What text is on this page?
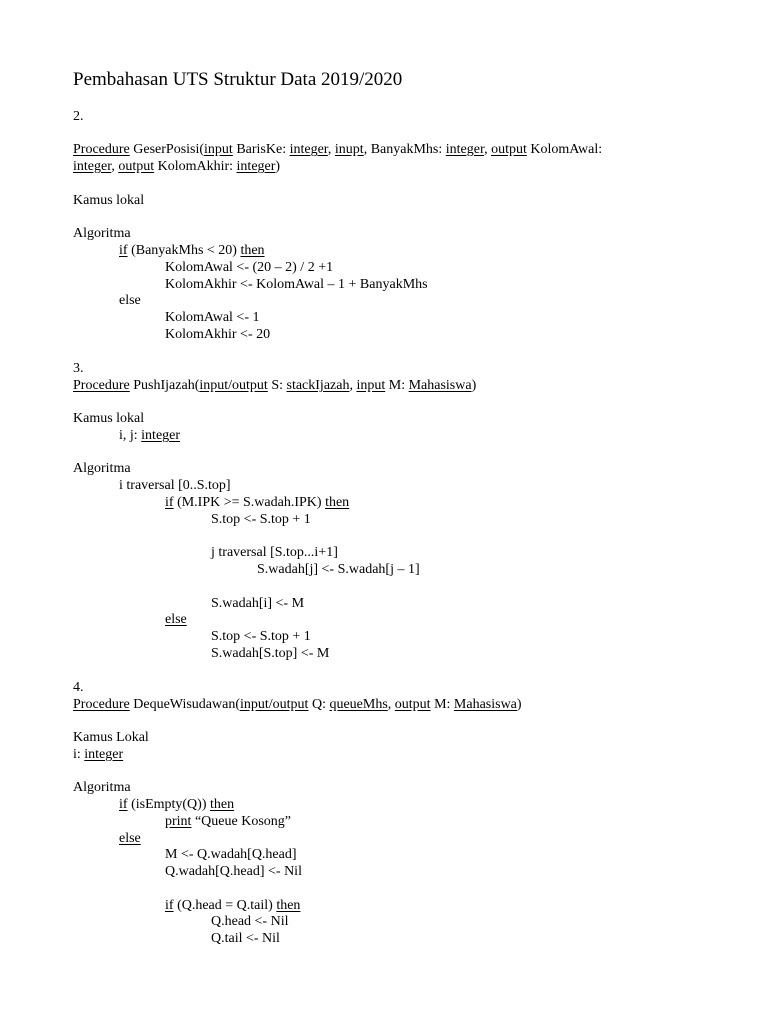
Pembahasan UTS Struktur Data 2019/2020
2.
Procedure GeserPosisi(input BarisKe: integer, inupt, BanyakMhs: integer, output KolomAwal:
integer, output KolomAkhir: integer)
Kamus lokal
Algoritma
if (BanyakMhs < 20) then
KolomAwal <- (20 – 2) / 2 +1
KolomAkhir <- KolomAwal – 1 + BanyakMhs
else
KolomAwal <- 1
KolomAkhir <- 20
3.
Procedure PushIjazah(input/output S: stackIjazah, input M: Mahasiswa)
Kamus lokal
i, j: integer
Algoritma
i traversal [0..S.top]
if (M.IPK >= S.wadah.IPK) then
S.top <- S.top + 1
j traversal [S.top...i+1]
S.wadah[j] <- S.wadah[j – 1]
S.wadah[i] <- M
else
S.top <- S.top + 1
S.wadah[S.top] <- M
4.
Procedure DequeWisudawan(input/output Q: queueMhs, output M: Mahasiswa)
Kamus Lokal
i: integer
Algoritma
if (isEmpty(Q)) then
print “Queue Kosong”
else
M <- Q.wadah[Q.head]
Q.wadah[Q.head] <- Nil
if (Q.head = Q.tail) then
Q.head <- Nil
Q.tail <- Nil
